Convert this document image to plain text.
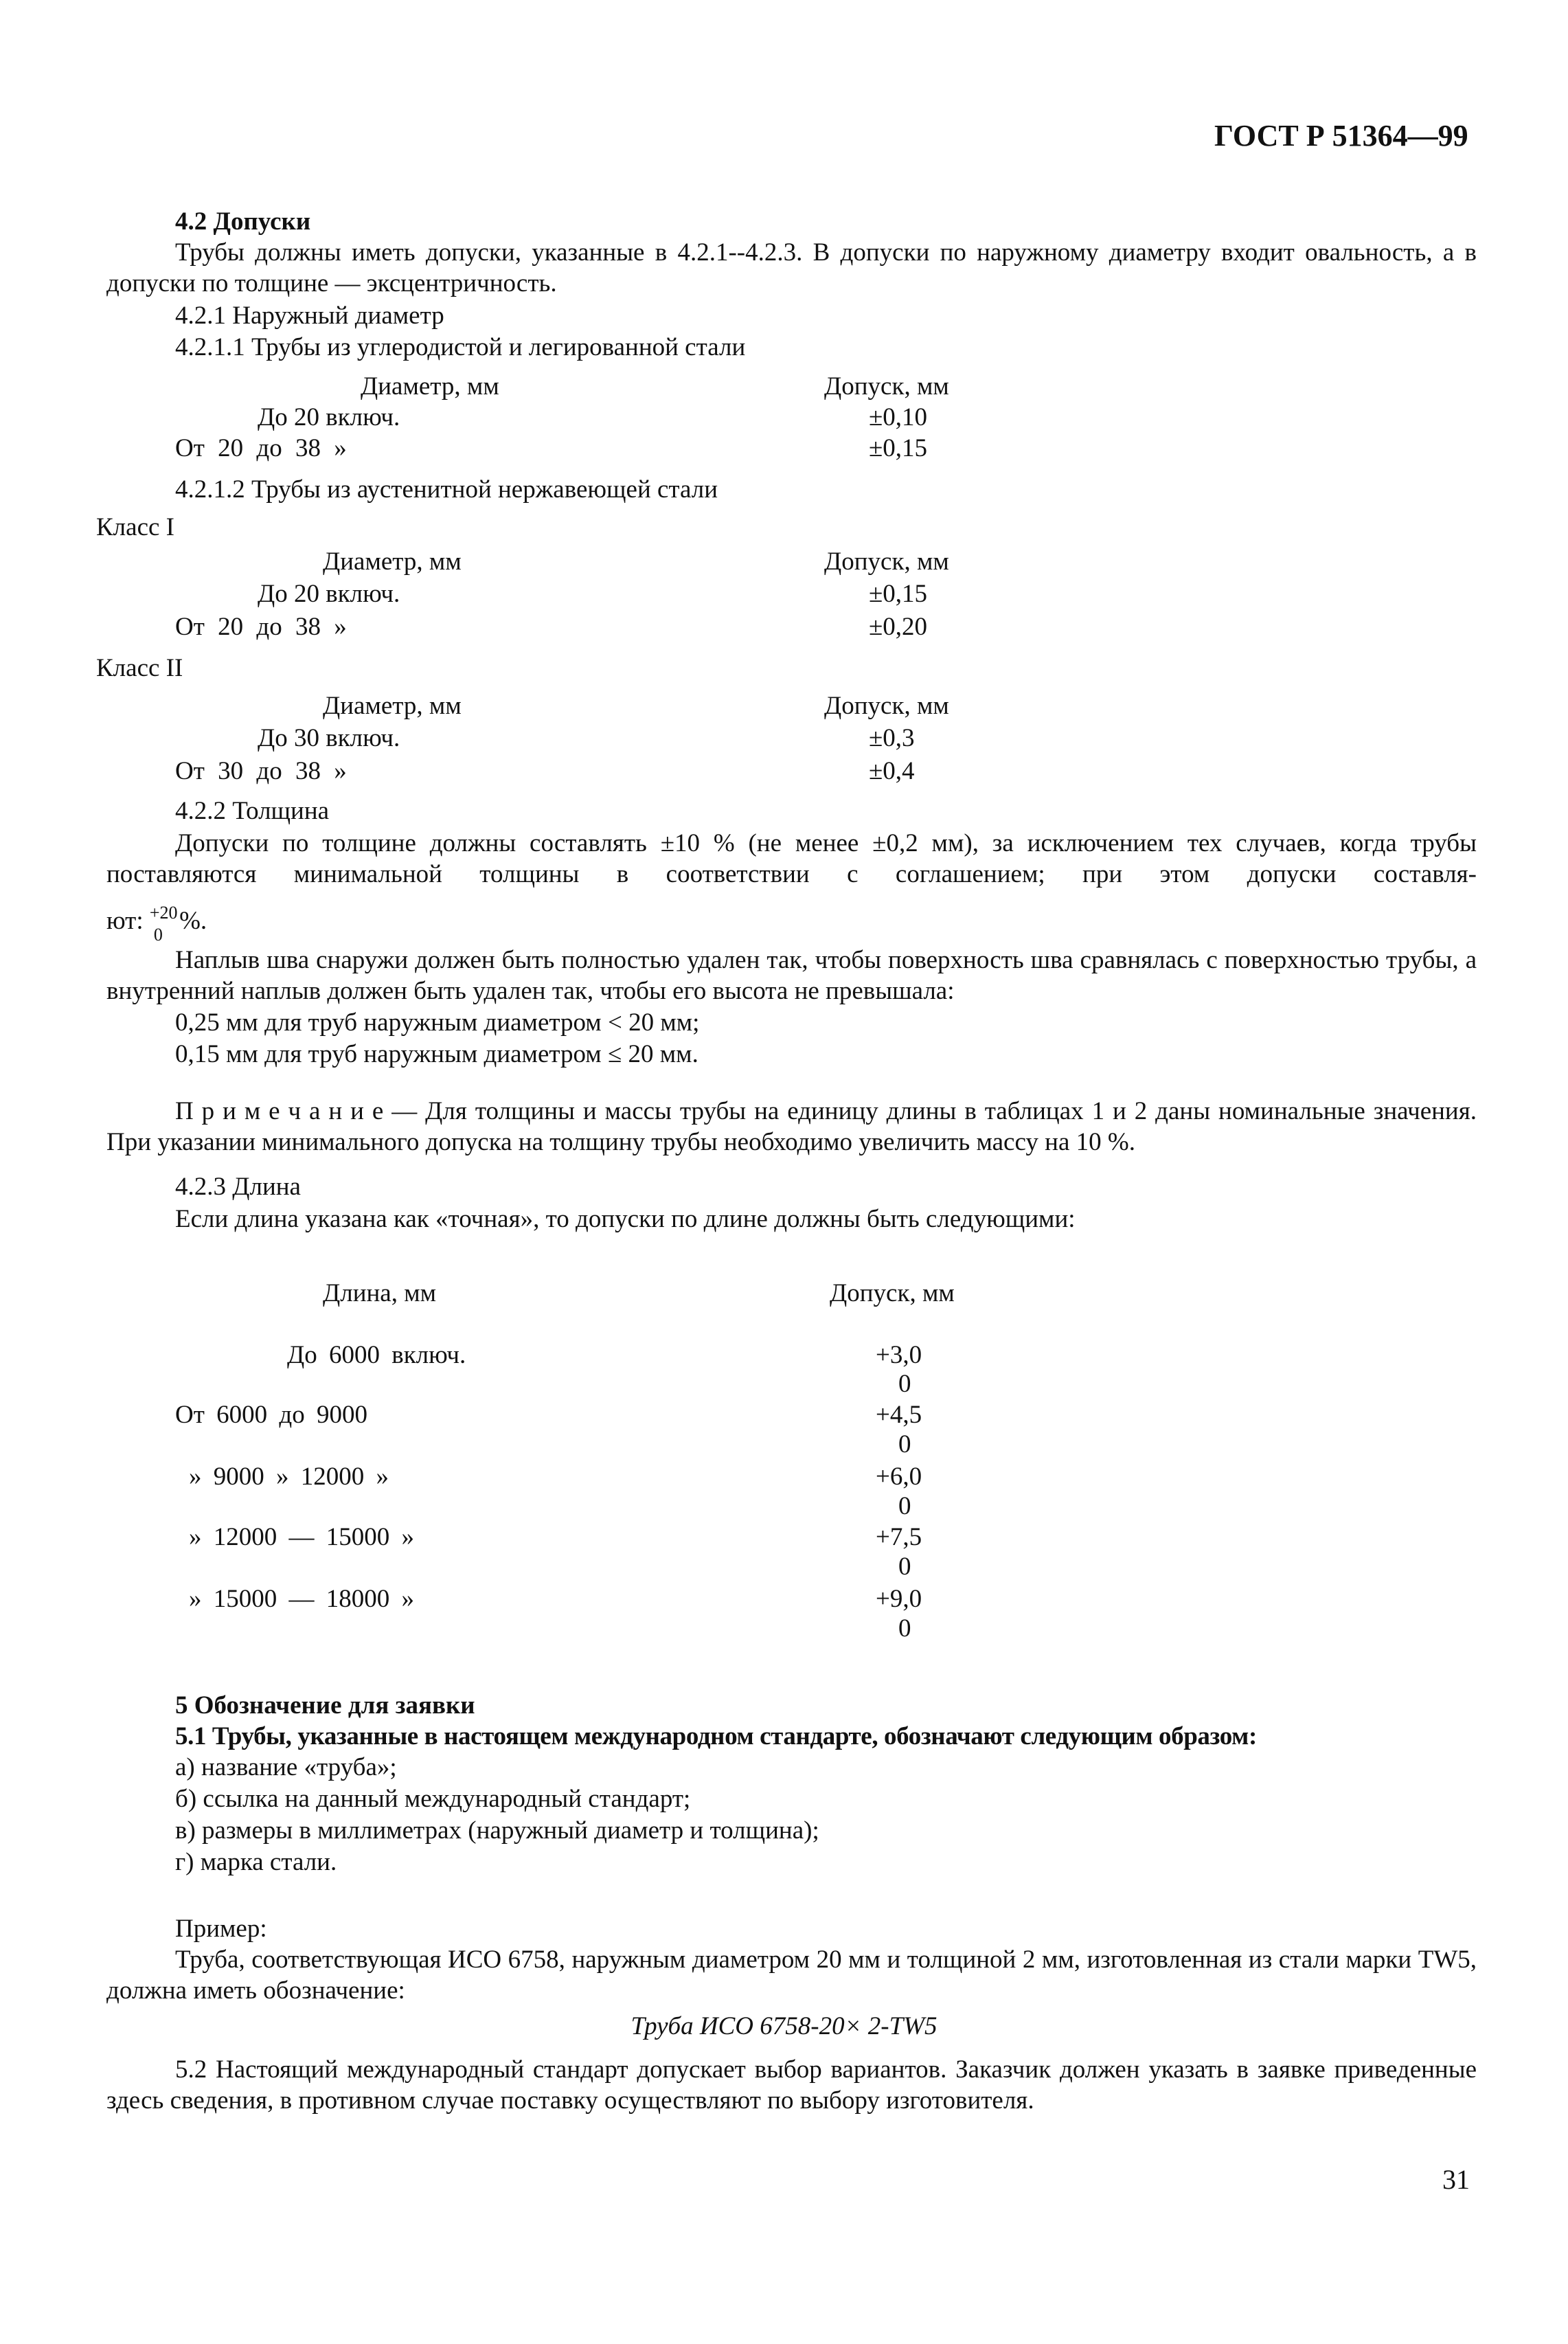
ГОСТ Р 51364—99
4.2 Допуски
Трубы должны иметь допуски, указанные в 4.2.1--4.2.3. В допуски по наружному диаметру входит овальность, а в допуски по толщине — эксцентричность.
4.2.1 Наружный диаметр
4.2.1.1 Трубы из углеродистой и легированной стали
Диаметр, мм	Допуск, мм
До 20 включ.	±0,10
От 20 до 38 »	±0,15
4.2.1.2 Трубы из аустенитной нержавеющей стали
Класс I
Диаметр, мм	Допуск, мм
До 20 включ.	±0,15
От 20 до 38 »	±0,20
Класс II
Диаметр, мм	Допуск, мм
До 30 включ.	±0,3
От 30 до 38 »	±0,4
4.2.2 Толщина
Допуски по толщине должны составлять ±10 % (не менее ±0,2 мм), за исключением тех случаев, когда трубы поставляются минимальной толщины в соответствии с соглашением; при этом допуски составля-
ют: +20
0 %.
Наплыв шва снаружи должен быть полностью удален так, чтобы поверхность шва сравнялась с поверхностью трубы, а внутренний наплыв должен быть удален так, чтобы его высота не превышала:
0,25 мм для труб наружным диаметром < 20 мм;
0,15 мм для труб наружным диаметром ≤ 20 мм.
П р и м е ч а н и е — Для толщины и массы трубы на единицу длины в таблицах 1 и 2 даны номинальные значения. При указании минимального допуска на толщину трубы необходимо увеличить массу на 10 %.
4.2.3 Длина
Если длина указана как «точная», то допуски по длине должны быть следующими:
Длина, мм	Допуск, мм
До 6000 включ.	+3,0
0
От 6000 до 9000	+4,5
0
» 9000 » 12000 »	+6,0
0
» 12000 — 15000 »	+7,5
0
» 15000 — 18000 »	+9,0
0
5 Обозначение для заявки
5.1 Трубы, указанные в настоящем международном стандарте, обозначают следующим образом:
а) название «труба»;
б) ссылка на данный международный стандарт;
в) размеры в миллиметрах (наружный диаметр и толщина);
г) марка стали.
Пример:
Труба, соответствующая ИСО 6758, наружным диаметром 20 мм и толщиной 2 мм, изготовленная из стали марки TW5, должна иметь обозначение:
Труба ИСО 6758-20× 2-TW5
5.2 Настоящий международный стандарт допускает выбор вариантов. Заказчик должен указать в заявке приведенные здесь сведения, в противном случае поставку осуществляют по выбору изготовителя.
31
